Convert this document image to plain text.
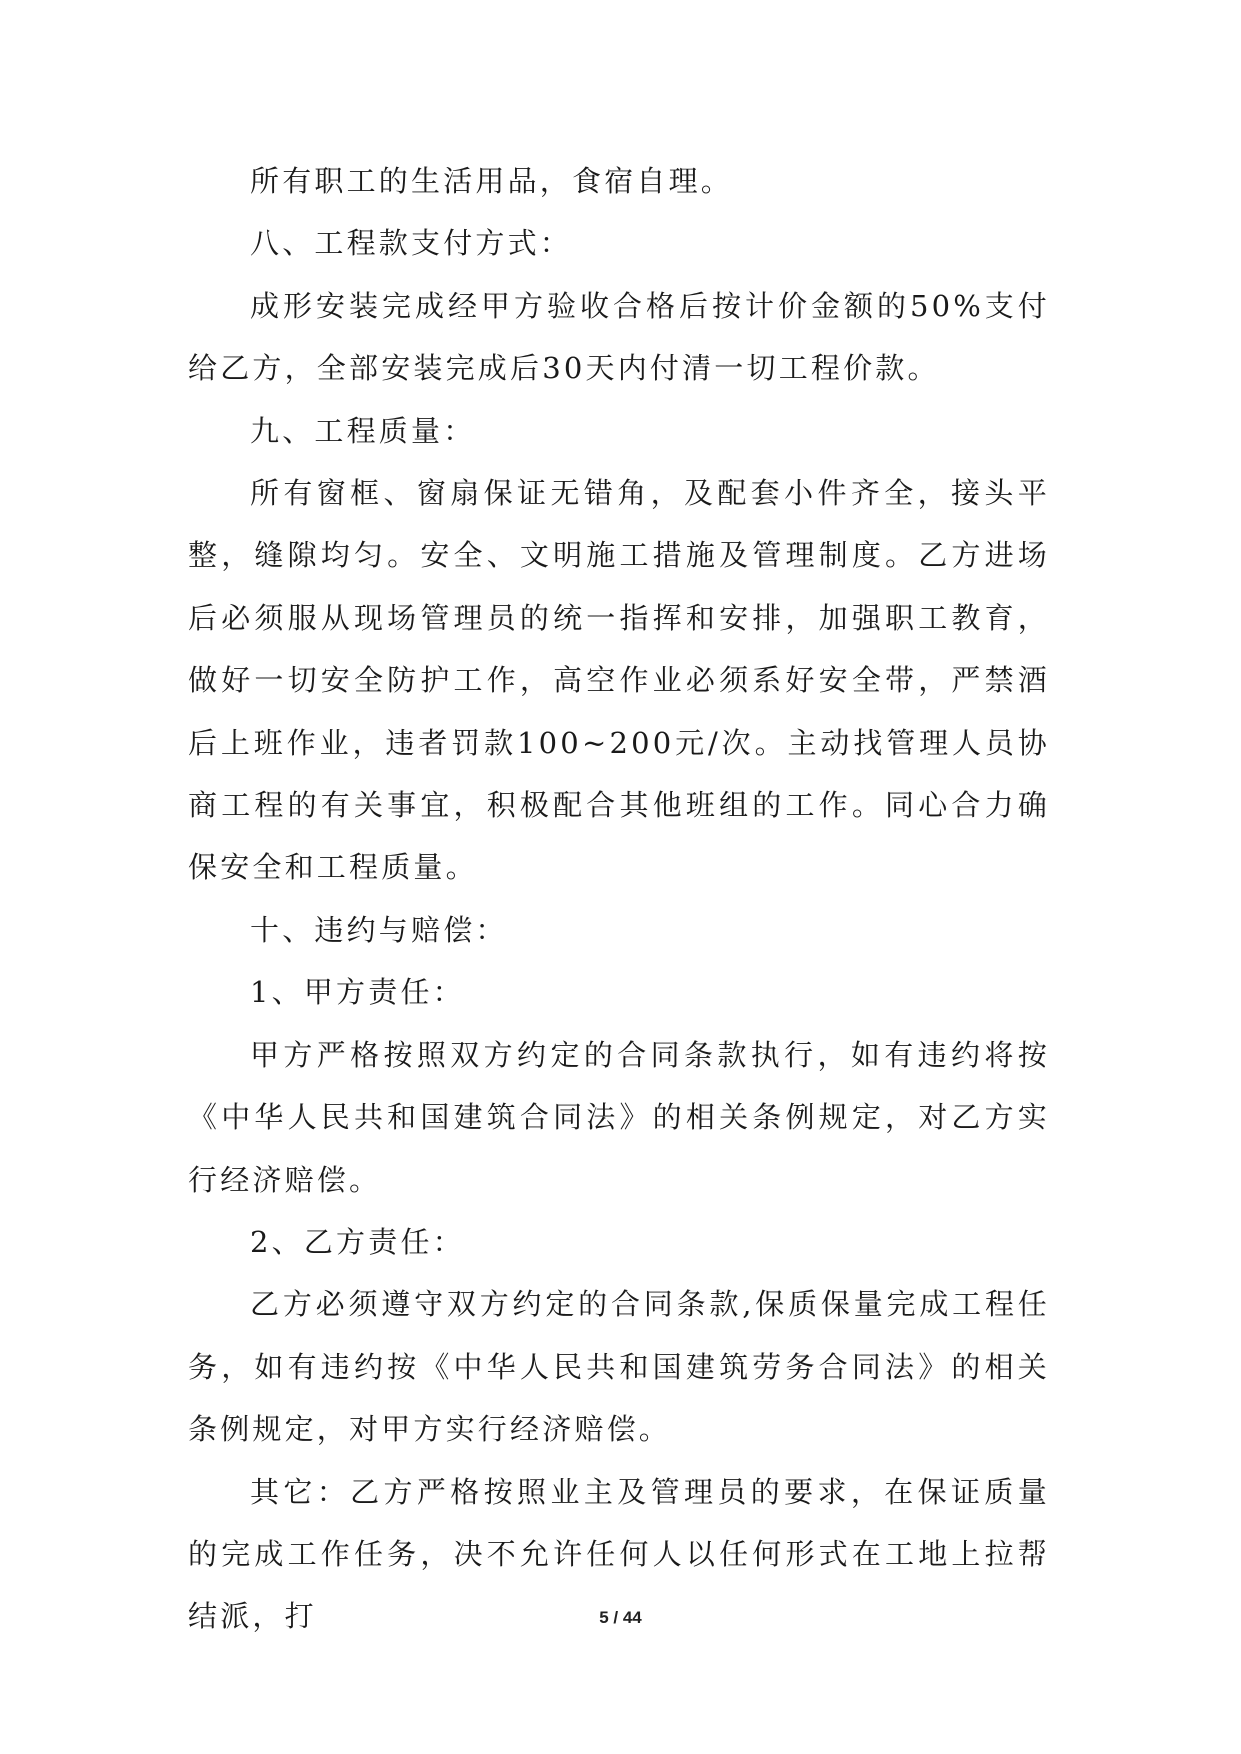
所有职工的生活用品，食宿自理。

八、工程款支付方式：

成形安装完成经甲方验收合格后按计价金额的50%支付给乙方，全部安装完成后30天内付清一切工程价款。

九、工程质量：

所有窗框、窗扇保证无错角，及配套小件齐全，接头平整，缝隙均匀。安全、文明施工措施及管理制度。乙方进场后必须服从现场管理员的统一指挥和安排，加强职工教育，做好一切安全防护工作，高空作业必须系好安全带，严禁酒后上班作业，违者罚款100~200元/次。主动找管理人员协商工程的有关事宜，积极配合其他班组的工作。同心合力确保安全和工程质量。

十、违约与赔偿：

1、甲方责任：

甲方严格按照双方约定的合同条款执行，如有违约将按《中华人民共和国建筑合同法》的相关条例规定，对乙方实行经济赔偿。

2、乙方责任：

乙方必须遵守双方约定的合同条款,保质保量完成工程任务，如有违约按《中华人民共和国建筑劳务合同法》的相关条例规定，对甲方实行经济赔偿。

其它：乙方严格按照业主及管理员的要求，在保证质量的完成工作任务，决不允许任何人以任何形式在工地上拉帮结派，打	5 / 44
